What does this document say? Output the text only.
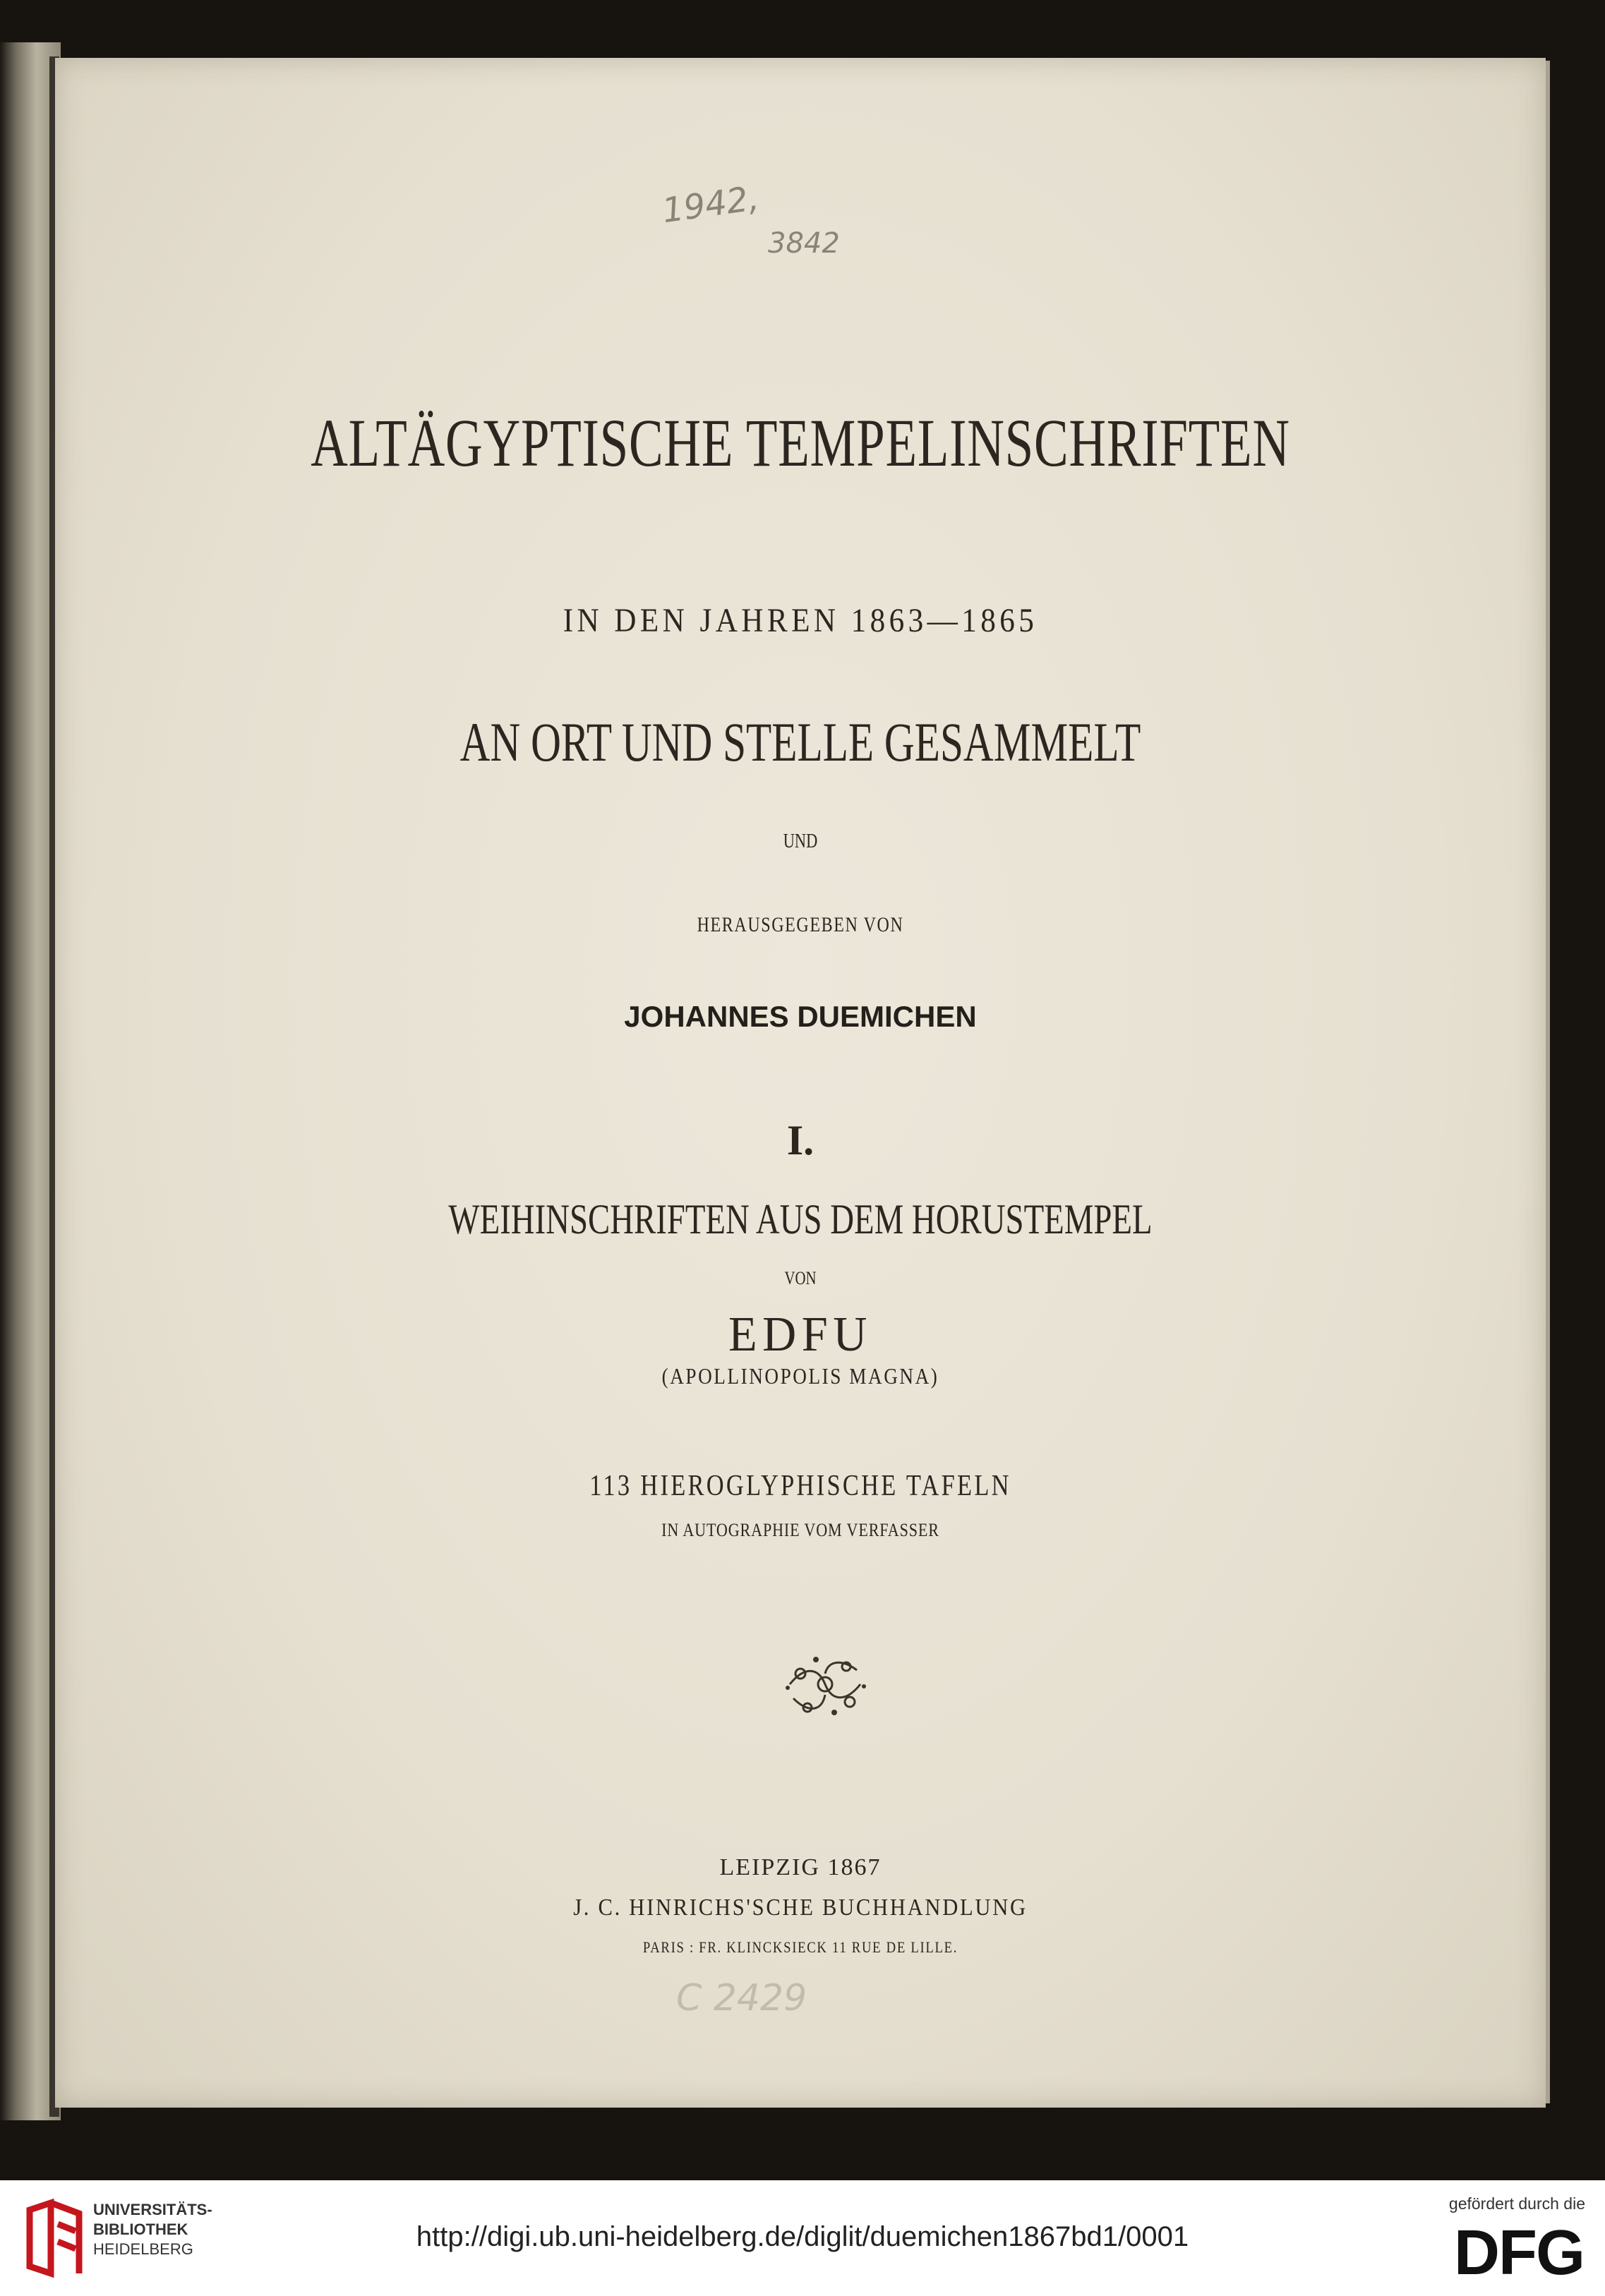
1942,
3842
ALTÄGYPTISCHE TEMPELINSCHRIFTEN
IN DEN JAHREN 1863—1865
AN ORT UND STELLE GESAMMELT
UND
HERAUSGEGEBEN VON
JOHANNES DUEMICHEN
I.
WEIHINSCHRIFTEN AUS DEM HORUSTEMPEL
VON
EDFU
(APOLLINOPOLIS MAGNA)
113 HIEROGLYPHISCHE TAFELN
IN AUTOGRAPHIE VOM VERFASSER
LEIPZIG 1867
J. C. HINRICHS'SCHE BUCHHANDLUNG
PARIS : FR. KLINCKSIECK 11 RUE DE LILLE.
C 2429
UNIVERSITÄTS-
BIBLIOTHEK
HEIDELBERG	http://digi.ub.uni-heidelberg.de/diglit/duemichen1867bd1/0001
gefördert durch die
DFG
